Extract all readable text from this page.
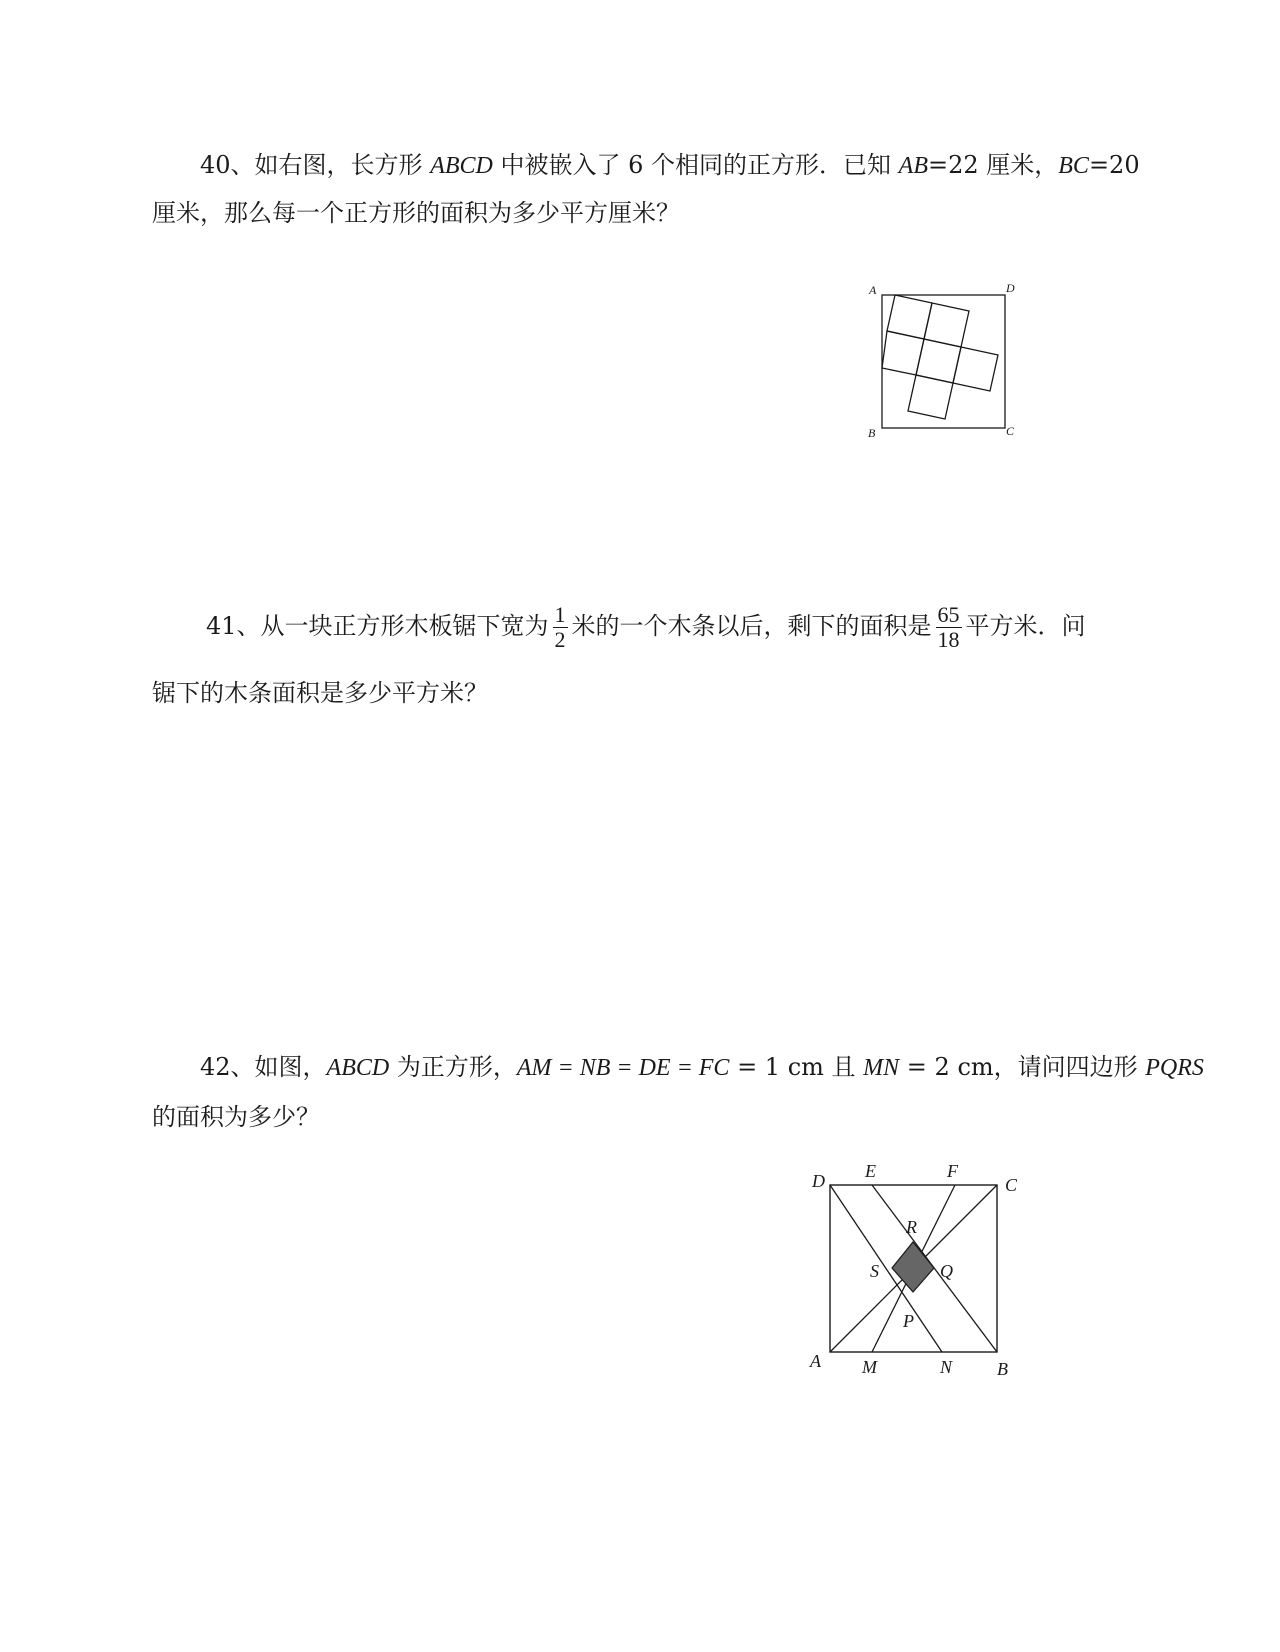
40、如右图，长方形 ABCD 中被嵌入了 6 个相同的正方形．已知 AB=22 厘米，BC=20
厘米，那么每一个正方形的面积为多少平方厘米？
A	D
B	C
41、从一块正方形木板锯下宽为 $\frac{1}{2}$ 米的一个木条以后，剩下的面积是 $\frac{65}{18}$ 平方米．问
锯下的木条面积是多少平方米？
42、如图，ABCD 为正方形，AM = NB = DE = FC = 1 cm 且 MN = 2 cm，请问四边形 PQRS
的面积为多少？
D E	F
C
R
S	Q
P
A M	N B
